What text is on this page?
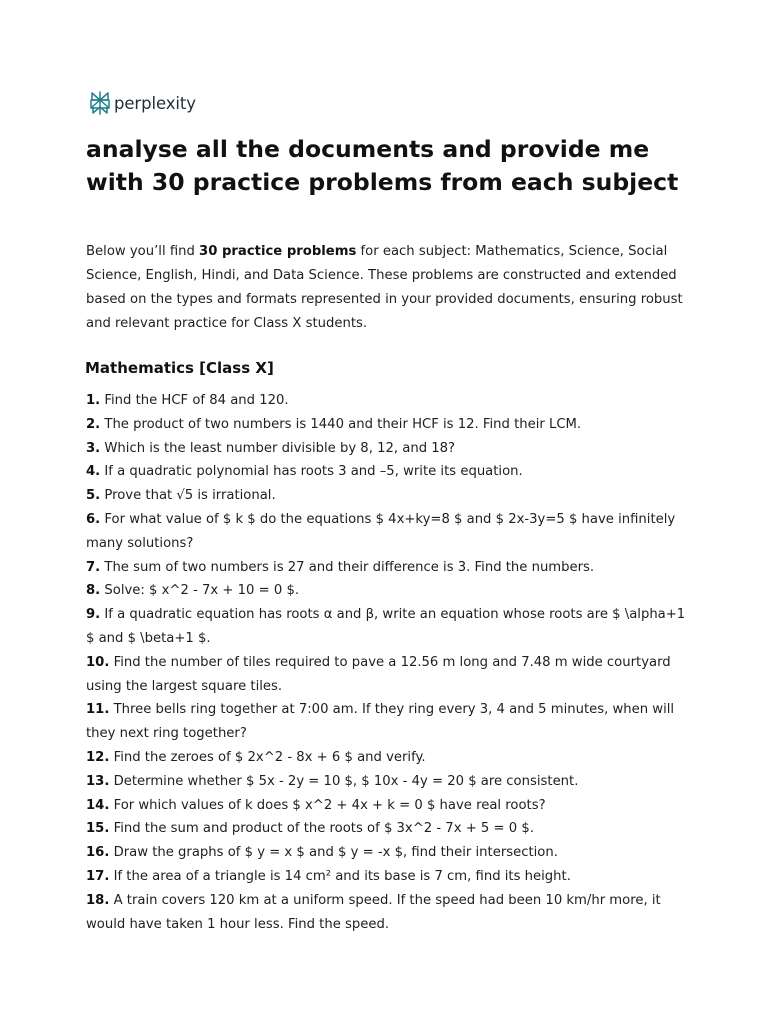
perplexity
analyse all the documents and provide me with 30 practice problems from each subject

Below you’ll find 30 practice problems for each subject: Mathematics, Science, Social Science, English, Hindi, and Data Science. These problems are constructed and extended based on the types and formats represented in your provided documents, ensuring robust and relevant practice for Class X students.

Mathematics [Class X]
1. Find the HCF of 84 and 120.
2. The product of two numbers is 1440 and their HCF is 12. Find their LCM.
3. Which is the least number divisible by 8, 12, and 18?
4. If a quadratic polynomial has roots 3 and –5, write its equation.
5. Prove that √5 is irrational.
6. For what value of $ k $ do the equations $ 4x+ky=8 $ and $ 2x-3y=5 $ have infinitely many solutions?
7. The sum of two numbers is 27 and their difference is 3. Find the numbers.
8. Solve: $ x^2 - 7x + 10 = 0 $.
9. If a quadratic equation has roots α and β, write an equation whose roots are $ \alpha+1 $ and $ \beta+1 $.
10. Find the number of tiles required to pave a 12.56 m long and 7.48 m wide courtyard using the largest square tiles.
11. Three bells ring together at 7:00 am. If they ring every 3, 4 and 5 minutes, when will they next ring together?
12. Find the zeroes of $ 2x^2 - 8x + 6 $ and verify.
13. Determine whether $ 5x - 2y = 10 $, $ 10x - 4y = 20 $ are consistent.
14. For which values of k does $ x^2 + 4x + k = 0 $ have real roots?
15. Find the sum and product of the roots of $ 3x^2 - 7x + 5 = 0 $.
16. Draw the graphs of $ y = x $ and $ y = -x $, find their intersection.
17. If the area of a triangle is 14 cm² and its base is 7 cm, find its height.
18. A train covers 120 km at a uniform speed. If the speed had been 10 km/hr more, it would have taken 1 hour less. Find the speed.
